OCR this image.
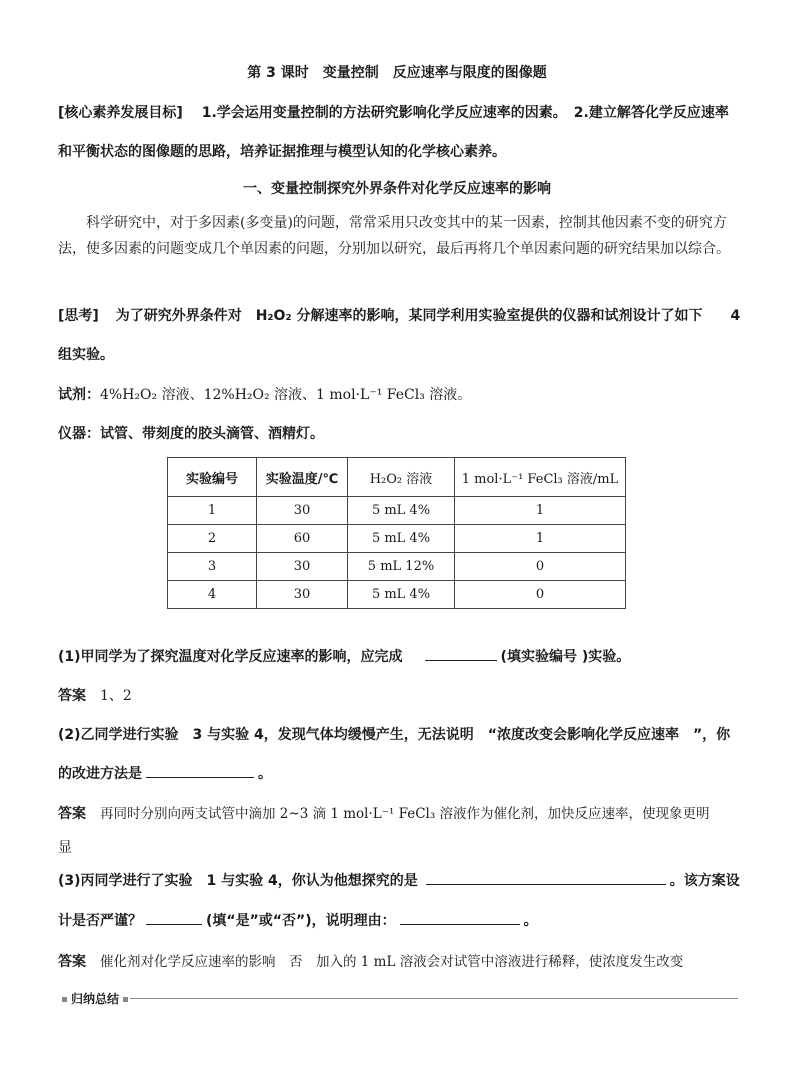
第 3 课时　变量控制　反应速率与限度的图像题
[核心素养发展目标] 1.学会运用变量控制的方法研究影响化学反应速率的因素。　2.建立解答化学反应速率
和平衡状态的图像题的思路，培养证据推理与模型认知的化学核心素养。
一、变量控制探究外界条件对化学反应速率的影响
科学研究中，对于多因素(多变量)的问题，常常采用只改变其中的某一因素，控制其他因素不变的研究方法，使多因素的问题变成几个单因素的问题，分别加以研究，最后再将几个单因素问题的研究结果加以综合。
[思考] 为了研究外界条件对　H₂O₂ 分解速率的影响，某同学利用实验室提供的仪器和试剂设计了如下　　4
组实验。
试剂：4%H₂O₂ 溶液、12%H₂O₂ 溶液、1 mol·L⁻¹ FeCl₃ 溶液。
仪器：试管、带刻度的胶头滴管、酒精灯。
实验编号	实验温度/℃	H₂O₂ 溶液	1 mol·L⁻¹ FeCl₃ 溶液/mL
1	30	5 mL 4%	1
2	60	5 mL 4%	1
3	30	5 mL 12%	0
4	30	5 mL 4%	0
(1)甲同学为了探究温度对化学反应速率的影响，应完成	(填实验编号 )实验。
答案 1、2
(2)乙同学进行实验　3 与实验 4，发现气体均缓慢产生，无法说明　“浓度改变会影响化学反应速率　”，你
的改进方法是	。
答案 再同时分别向两支试管中滴加 2~3 滴 1 mol·L⁻¹ FeCl₃ 溶液作为催化剂，加快反应速率，使现象更明
显
(3)丙同学进行了实验　1 与实验 4，你认为他想探究的是	。该方案设
计是否严谨？	(填“是”或“否”)，说明理由：	。
答案 催化剂对化学反应速率的影响　否　加入的 1 mL 溶液会对试管中溶液进行稀释，使浓度发生改变
归纳总结
